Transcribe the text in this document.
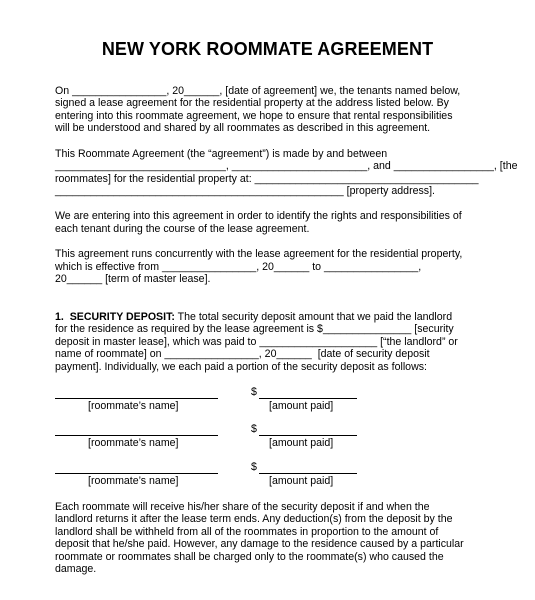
NEW YORK ROOMMATE AGREEMENT
On ________________, 20______, [date of agreement] we, the tenants named below,
signed a lease agreement for the residential property at the address listed below. By
entering into this roommate agreement, we hope to ensure that rental responsibilities
will be understood and shared by all roommates as described in this agreement.
This Roommate Agreement (the “agreement”) is made by and between
_____________________________, _______________________, and _________________, [the
roommates] for the residential property at: ______________________________________
_________________________________________________ [property address].
We are entering into this agreement in order to identify the rights and responsibilities of
each tenant during the course of the lease agreement.
This agreement runs concurrently with the lease agreement for the residential property,
which is effective from ________________, 20______ to ________________,
20______ [term of master lease].
1.  SECURITY DEPOSIT: The total security deposit amount that we paid the landlord
for the residence as required by the lease agreement is $_______________ [security
deposit in master lease], which was paid to ____________________ [“the landlord” or
name of roommate] on ________________, 20______  [date of security deposit
payment]. Individually, we each paid a portion of the security deposit as follows:
[roommate’s name]
$
[amount paid]
[roommate’s name]
$
[amount paid]
[roommate’s name]
$
[amount paid]
Each roommate will receive his/her share of the security deposit if and when the
landlord returns it after the lease term ends. Any deduction(s) from the deposit by the
landlord shall be withheld from all of the roommates in proportion to the amount of
deposit that he/she paid. However, any damage to the residence caused by a particular
roommate or roommates shall be charged only to the roommate(s) who caused the
damage.
